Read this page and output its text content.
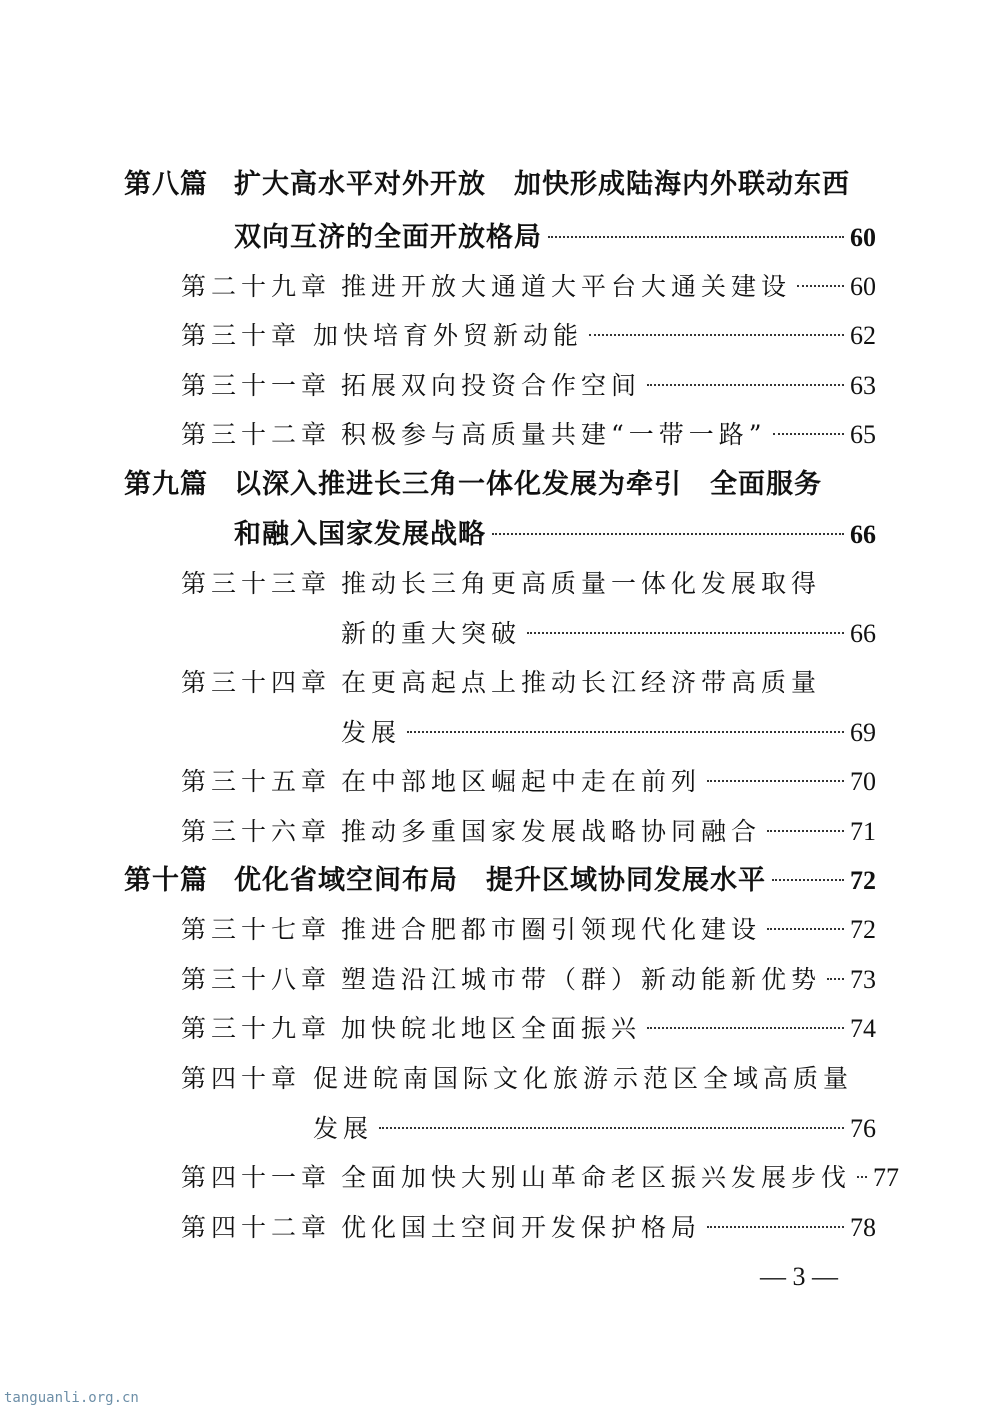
第八篇 扩大高水平对外开放　加快形成陆海内外联动东西
双向互济的全面开放格局	60
第二十九章 推进开放大通道大平台大通关建设 60
第三十章 加快培育外贸新动能	62
第三十一章 拓展双向投资合作空间	63
第三十二章 积极参与高质量共建“一带一路”	65
第九篇 以深入推进长三角一体化发展为牵引　全面服务
和融入国家发展战略	66
第三十三章 推动长三角更高质量一体化发展取得
新的重大突破	66
第三十四章 在更高起点上推动长江经济带高质量
发展	69
第三十五章 在中部地区崛起中走在前列	70
第三十六章 推动多重国家发展战略协同融合	71
第十篇 优化省域空间布局　提升区域协同发展水平	72
第三十七章 推进合肥都市圈引领现代化建设	72
第三十八章 塑造沿江城市带（群）新动能新优势 73
第三十九章 加快皖北地区全面振兴	74
第四十章 促进皖南国际文化旅游示范区全域高质量
发展	76
第四十一章 全面加快大别山革命老区振兴发展步伐 77
第四十二章 优化国土空间开发保护格局	78
— 3 —
tanguanli.org.cn
